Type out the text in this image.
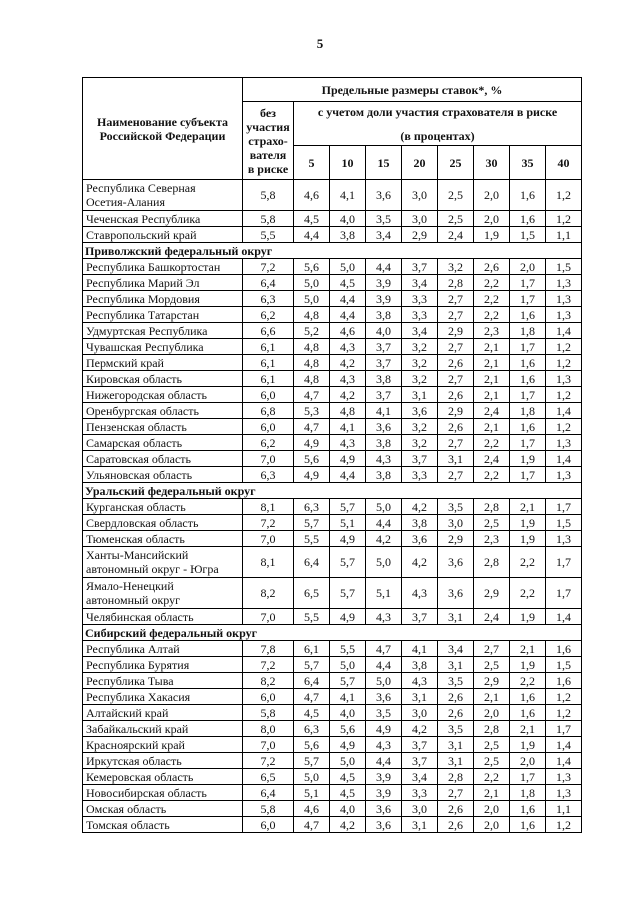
5
Наименование субъекта Российской Федерации	Предельные размеры ставок*, %								
	без участия страхо-вателя в риске	с учетом доли участия страхователя в риске
(в процентах)							

		5	10	15	20	25	30	35	40
Республика Северная Осетия-Алания	5,8	4,6	4,1	3,6	3,0	2,5	2,0	1,6	1,2
Чеченская Республика	5,8	4,5	4,0	3,5	3,0	2,5	2,0	1,6	1,2
Ставропольский край	5,5	4,4	3,8	3,4	2,9	2,4	1,9	1,5	1,1
Приволжский федеральный округ									
Республика Башкортостан	7,2	5,6	5,0	4,4	3,7	3,2	2,6	2,0	1,5
Республика Марий Эл	6,4	5,0	4,5	3,9	3,4	2,8	2,2	1,7	1,3
Республика Мордовия	6,3	5,0	4,4	3,9	3,3	2,7	2,2	1,7	1,3
Республика Татарстан	6,2	4,8	4,4	3,8	3,3	2,7	2,2	1,6	1,3
Удмуртская Республика	6,6	5,2	4,6	4,0	3,4	2,9	2,3	1,8	1,4
Чувашская Республика	6,1	4,8	4,3	3,7	3,2	2,7	2,1	1,7	1,2
Пермский край	6,1	4,8	4,2	3,7	3,2	2,6	2,1	1,6	1,2
Кировская область	6,1	4,8	4,3	3,8	3,2	2,7	2,1	1,6	1,3
Нижегородская область	6,0	4,7	4,2	3,7	3,1	2,6	2,1	1,7	1,2
Оренбургская область	6,8	5,3	4,8	4,1	3,6	2,9	2,4	1,8	1,4
Пензенская область	6,0	4,7	4,1	3,6	3,2	2,6	2,1	1,6	1,2
Самарская область	6,2	4,9	4,3	3,8	3,2	2,7	2,2	1,7	1,3
Саратовская область	7,0	5,6	4,9	4,3	3,7	3,1	2,4	1,9	1,4
Ульяновская область	6,3	4,9	4,4	3,8	3,3	2,7	2,2	1,7	1,3
Уральский федеральный округ									
Курганская область	8,1	6,3	5,7	5,0	4,2	3,5	2,8	2,1	1,7
Свердловская область	7,2	5,7	5,1	4,4	3,8	3,0	2,5	1,9	1,5
Тюменская область	7,0	5,5	4,9	4,2	3,6	2,9	2,3	1,9	1,3
Ханты-Мансийский автономный округ - Югра	8,1	6,4	5,7	5,0	4,2	3,6	2,8	2,2	1,7
Ямало-Ненецкий автономный округ	8,2	6,5	5,7	5,1	4,3	3,6	2,9	2,2	1,7
Челябинская область	7,0	5,5	4,9	4,3	3,7	3,1	2,4	1,9	1,4
Сибирский федеральный округ									
Республика Алтай	7,8	6,1	5,5	4,7	4,1	3,4	2,7	2,1	1,6
Республика Бурятия	7,2	5,7	5,0	4,4	3,8	3,1	2,5	1,9	1,5
Республика Тыва	8,2	6,4	5,7	5,0	4,3	3,5	2,9	2,2	1,6
Республика Хакасия	6,0	4,7	4,1	3,6	3,1	2,6	2,1	1,6	1,2
Алтайский край	5,8	4,5	4,0	3,5	3,0	2,6	2,0	1,6	1,2
Забайкальский край	8,0	6,3	5,6	4,9	4,2	3,5	2,8	2,1	1,7
Красноярский край	7,0	5,6	4,9	4,3	3,7	3,1	2,5	1,9	1,4
Иркутская область	7,2	5,7	5,0	4,4	3,7	3,1	2,5	2,0	1,4
Кемеровская область	6,5	5,0	4,5	3,9	3,4	2,8	2,2	1,7	1,3
Новосибирская область	6,4	5,1	4,5	3,9	3,3	2,7	2,1	1,8	1,3
Омская область	5,8	4,6	4,0	3,6	3,0	2,6	2,0	1,6	1,1
Томская область	6,0	4,7	4,2	3,6	3,1	2,6	2,0	1,6	1,2
